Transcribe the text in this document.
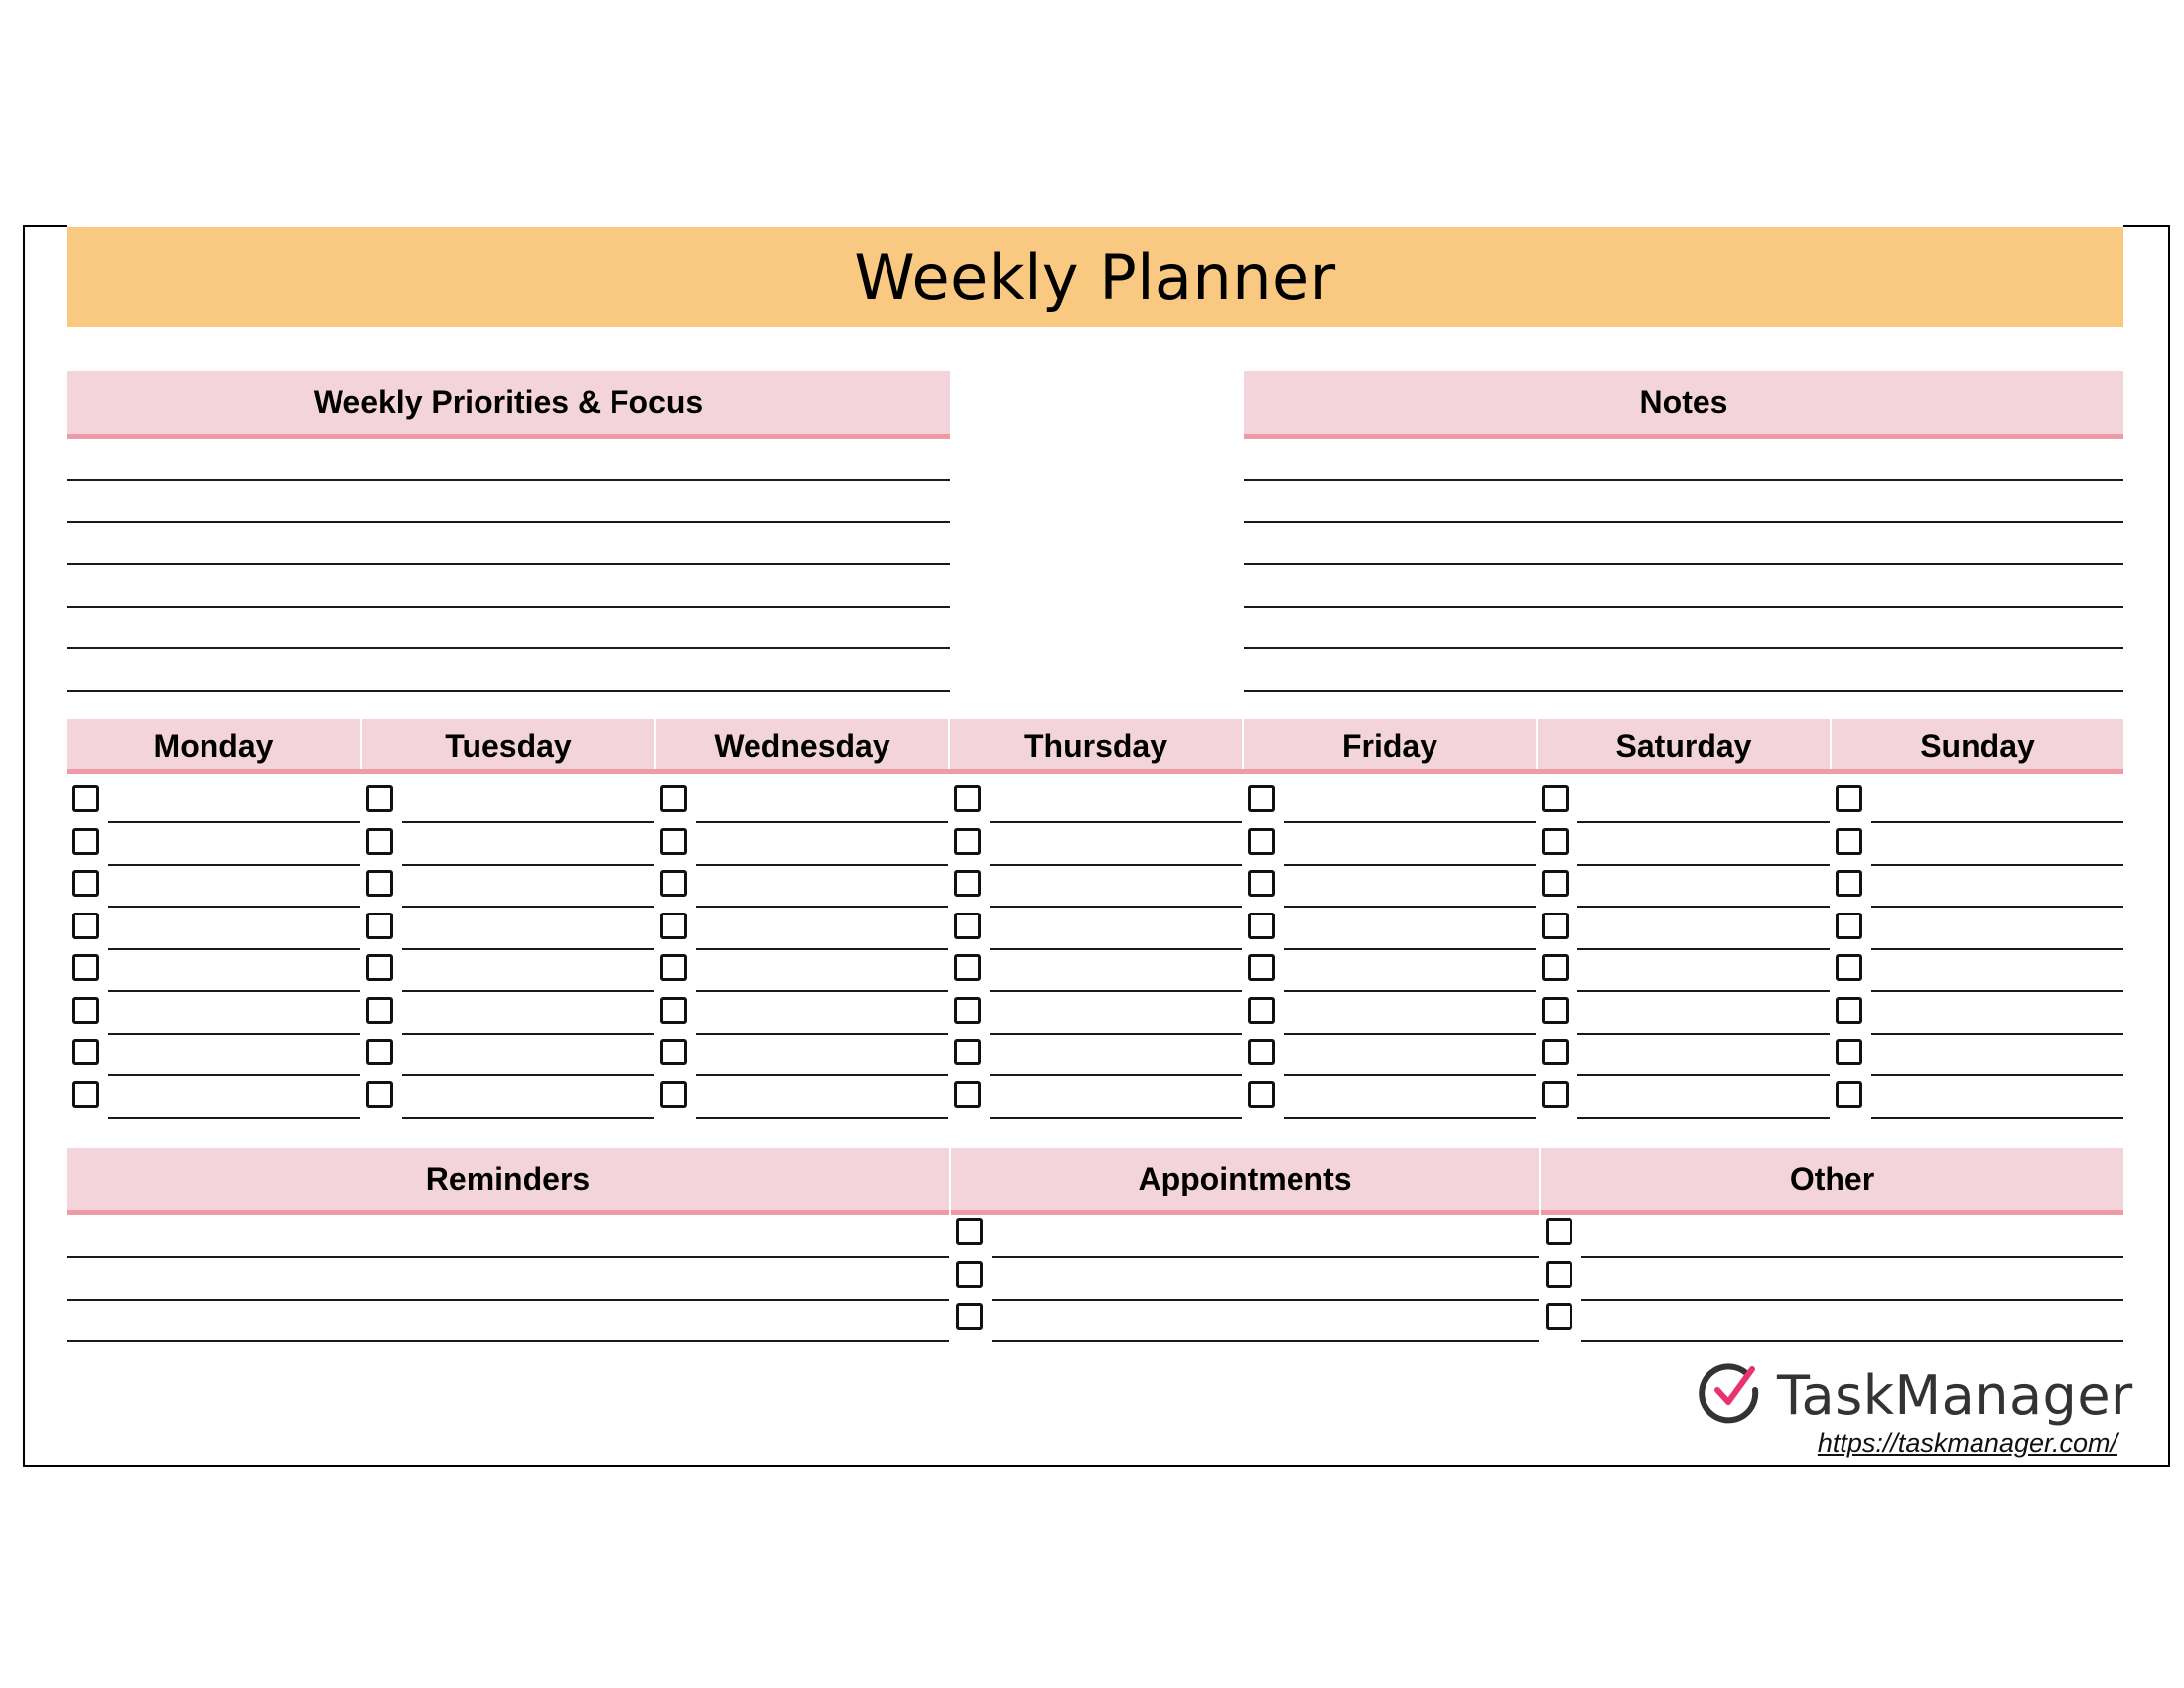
Weekly Planner
Weekly Priorities & Focus	Notes
Monday	Tuesday	Wednesday	Thursday	Friday	Saturday	Sunday
Reminders	Appointments	Other
TaskManager
https://taskmanager.com/
